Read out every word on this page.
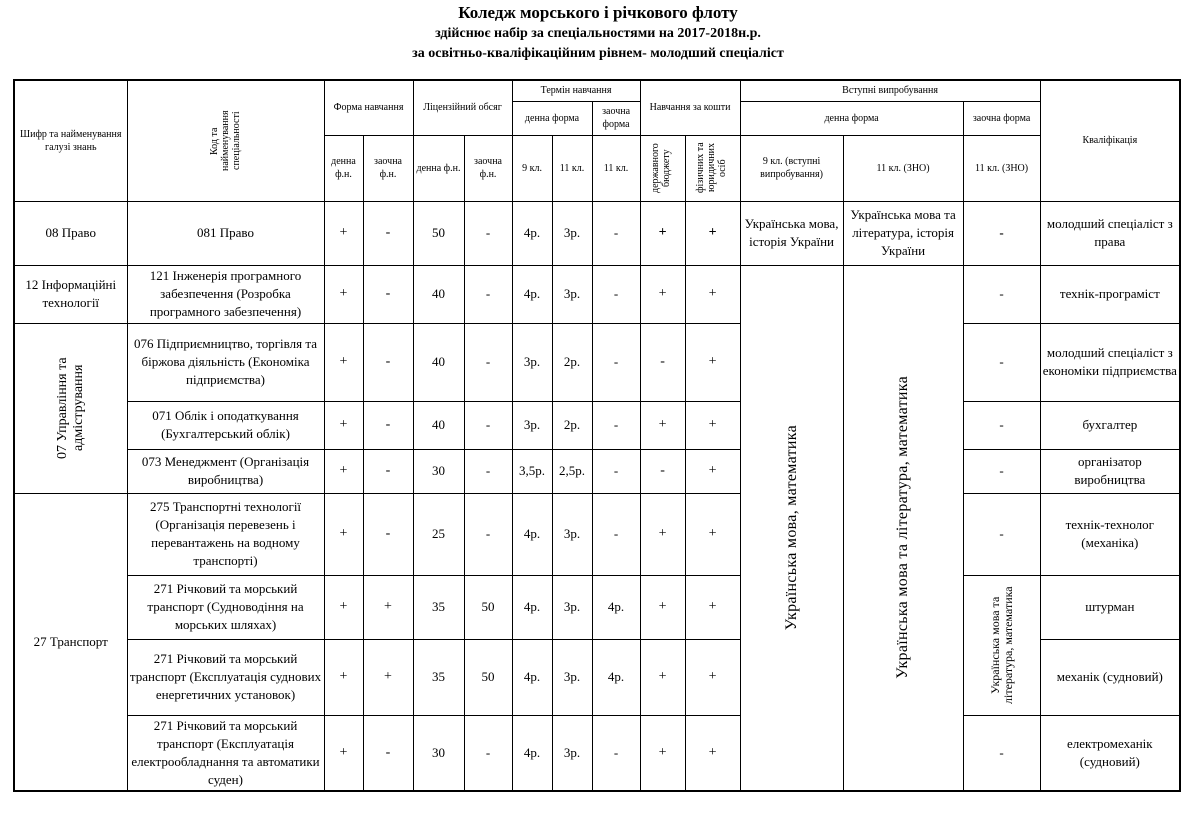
Коледж морського і річкового флоту
здійснює набір за спеціальностями на 2017-2018н.р.
за освітньо-кваліфікаційним рівнем- молодший спеціаліст
Шифр та найменування галузі знань	Код та найменування спеціальності	Форма навчання		Ліцензійний обсяг		Термін навчання			Навчання за кошти		Вступні випробування			Кваліфікація
						денна форма		заочна форма			денна форма		заочна форма	
		денна ф.н.	заочна ф.н.	денна ф.н.	заочна ф.н.	9 кл.	11 кл.	11 кл.	державного бюджету	фізичних та юридичних осіб	9 кл. (вступні випробування)	11 кл. (ЗНО)	11 кл. (ЗНО)	
08 Право	081 Право	+	-	50	-	4р.	3р.	-	+	+	Українська мова, історія України	Українська мова та література, історія України	-	молодший спеціаліст з права
12 Інформаційні технології	121 Інженерія програмного забезпечення (Розробка програмного забезпечення)	+	-	40	-	4р.	3р.	-	+	+	Українська мова, математика	Українська мова та література, математика	-	технік-програміст

07 Управління та адмістрування	076 Підприємництво, торгівля та біржова діяльність (Економіка підприємства)	+	-	40	-	3р.	2р.	-	-	+			-	молодший спеціаліст з економіки підприємства
	071 Облік і оподаткування (Бухгалтерський облік)	+	-	40	-	3р.	2р.	-	+	+			-	бухгалтер
	073 Менеджмент (Організація виробництва)	+	-	30	-	3,5р.	2,5р.	-	-	+			-	організатор виробництва
27 Транспорт	275 Транспортні технології (Організація перевезень і перевантажень на водному транспорті)	+	-	25	-	4р.	3р.	-	+	+			-	технік-технолог (механіка)
	271 Річковий та морський транспорт (Судноводіння на морських шляхах)	+	+	35	50	4р.	3р.	4р.	+	+			Українська мова та література, математика	штурман
	271 Річковий та морський транспорт (Експлуатація суднових енергетичних установок)	+	+	35	50	4р.	3р.	4р.	+	+				механік (судновий)
	271 Річковий та морський транспорт (Експлуатація електрообладнання та автоматики суден)	+	-	30	-	4р.	3р.	-	+	+			-	електромеханік (судновий)
